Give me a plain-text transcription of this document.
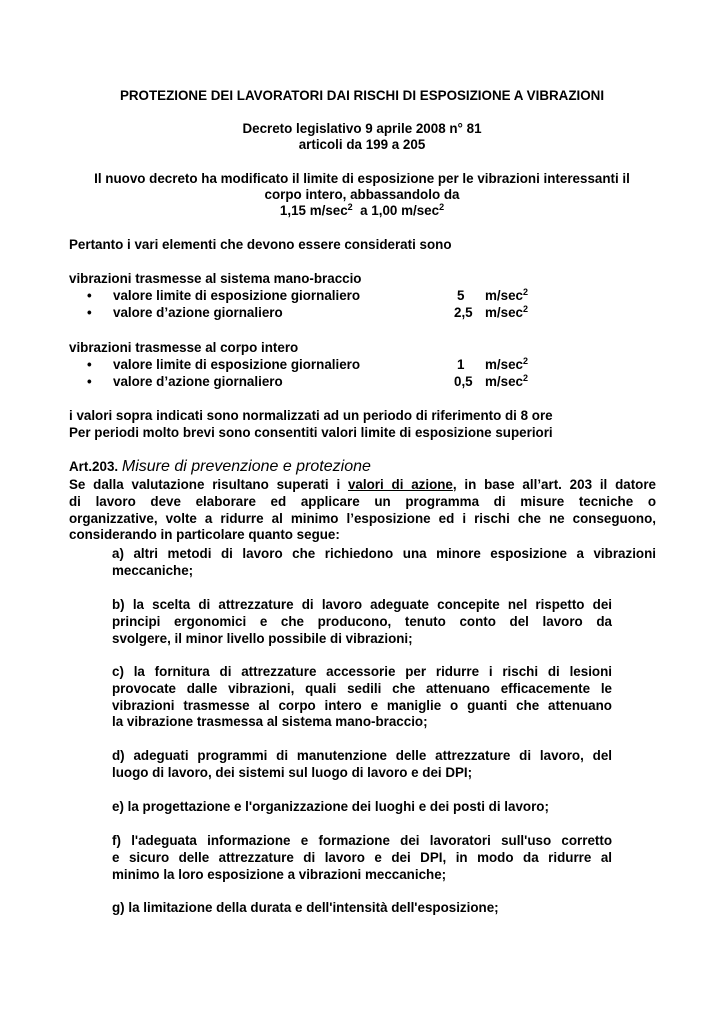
PROTEZIONE DEI LAVORATORI DAI RISCHI DI ESPOSIZIONE A VIBRAZIONI
Decreto legislativo 9 aprile 2008 n° 81
articoli da 199 a 205
Il nuovo decreto ha modificato il limite di esposizione per le vibrazioni interessanti il
corpo intero, abbassandolo da
1,15 $m/\sec^2$ a 1,00 $m/\sec^2$
Pertanto i vari elementi che devono essere considerati sono
vibrazioni trasmesse al sistema mano-braccio
• valore limite di esposizione giornaliero	5 $m/\sec^2$
• valore d’azione giornaliero	2,5 $m/\sec^2$
vibrazioni trasmesse al corpo intero
• valore limite di esposizione giornaliero	1 $m/\sec^2$
• valore d’azione giornaliero	0,5 $m/\sec^2$
i valori sopra indicati sono normalizzati ad un periodo di riferimento di 8 ore
Per periodi molto brevi sono consentiti valori limite di esposizione superiori
Art.203. Misure di prevenzione e protezione
Se dalla valutazione risultano superati i valori di azione, in base all’art. 203 il datore
di lavoro deve elaborare ed applicare un programma di misure tecniche o
organizzative, volte a ridurre al minimo l’esposizione ed i rischi che ne conseguono,
considerando in particolare quanto segue:
a) altri metodi di lavoro che richiedono una minore esposizione a vibrazioni
meccaniche;
b) la scelta di attrezzature di lavoro adeguate concepite nel rispetto dei
principi ergonomici e che producono, tenuto conto del lavoro da
svolgere, il minor livello possibile di vibrazioni;
c) la fornitura di attrezzature accessorie per ridurre i rischi di lesioni
provocate dalle vibrazioni, quali sedili che attenuano efficacemente le
vibrazioni trasmesse al corpo intero e maniglie o guanti che attenuano
la vibrazione trasmessa al sistema mano-braccio;
d) adeguati programmi di manutenzione delle attrezzature di lavoro, del
luogo di lavoro, dei sistemi sul luogo di lavoro e dei DPI;
e) la progettazione e l'organizzazione dei luoghi e dei posti di lavoro;
f) l'adeguata informazione e formazione dei lavoratori sull'uso corretto
e sicuro delle attrezzature di lavoro e dei DPI, in modo da ridurre al
minimo la loro esposizione a vibrazioni meccaniche;
g) la limitazione della durata e dell'intensità dell'esposizione;
